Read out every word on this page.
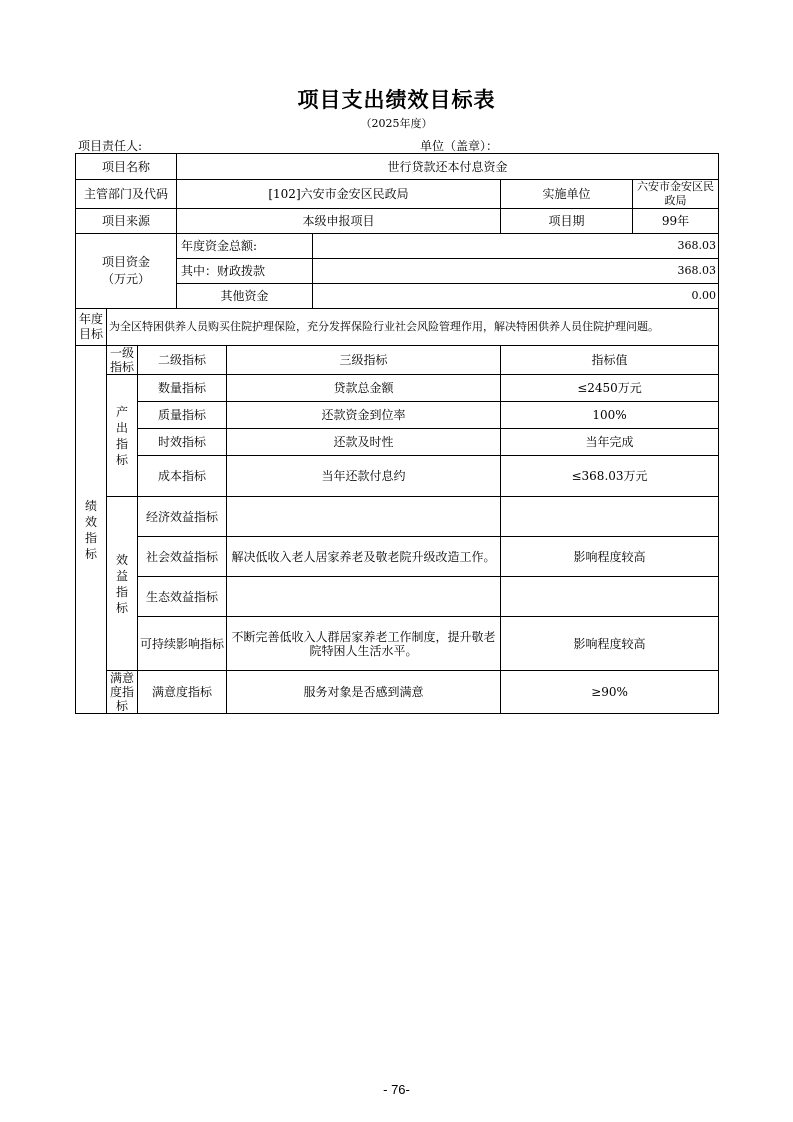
项目支出绩效目标表
（2025年度）
项目责任人:	单位（盖章）：
项目名称			世行贷款还本付息资金				
主管部门及代码			[102]六安市金安区民政局			实施单位	六安市金安区民政局
项目来源			本级申报项目			项目期	99年

项目资金（万元）			年度资金总额:		368.03		
			其中：财政拨款		368.03		
			其他资金		0.00		
年度目标	为全区特困供养人员购买住院护理保险，充分发挥保险行业社会风险管理作用，解决特困供养人员住院护理问题。						
绩效指标	一级指标	二级指标		三级指标		指标值	
	产出指标	数量指标		贷款总金额		≤2450万元	
		质量指标		还款资金到位率		100%	
		时效指标		还款及时性		当年完成	
		成本指标		当年还款付息约		≤368.03万元	
	效益指标	经济效益指标					
		社会效益指标		解决低收入老人居家养老及敬老院升级改造工作。		影响程度较高	
		生态效益指标					
		可持续影响指标		不断完善低收入人群居家养老工作制度，提升敬老院特困人生活水平。		影响程度较高	
	满意度指标	满意度指标		服务对象是否感到满意		≥90%	
- 76-
